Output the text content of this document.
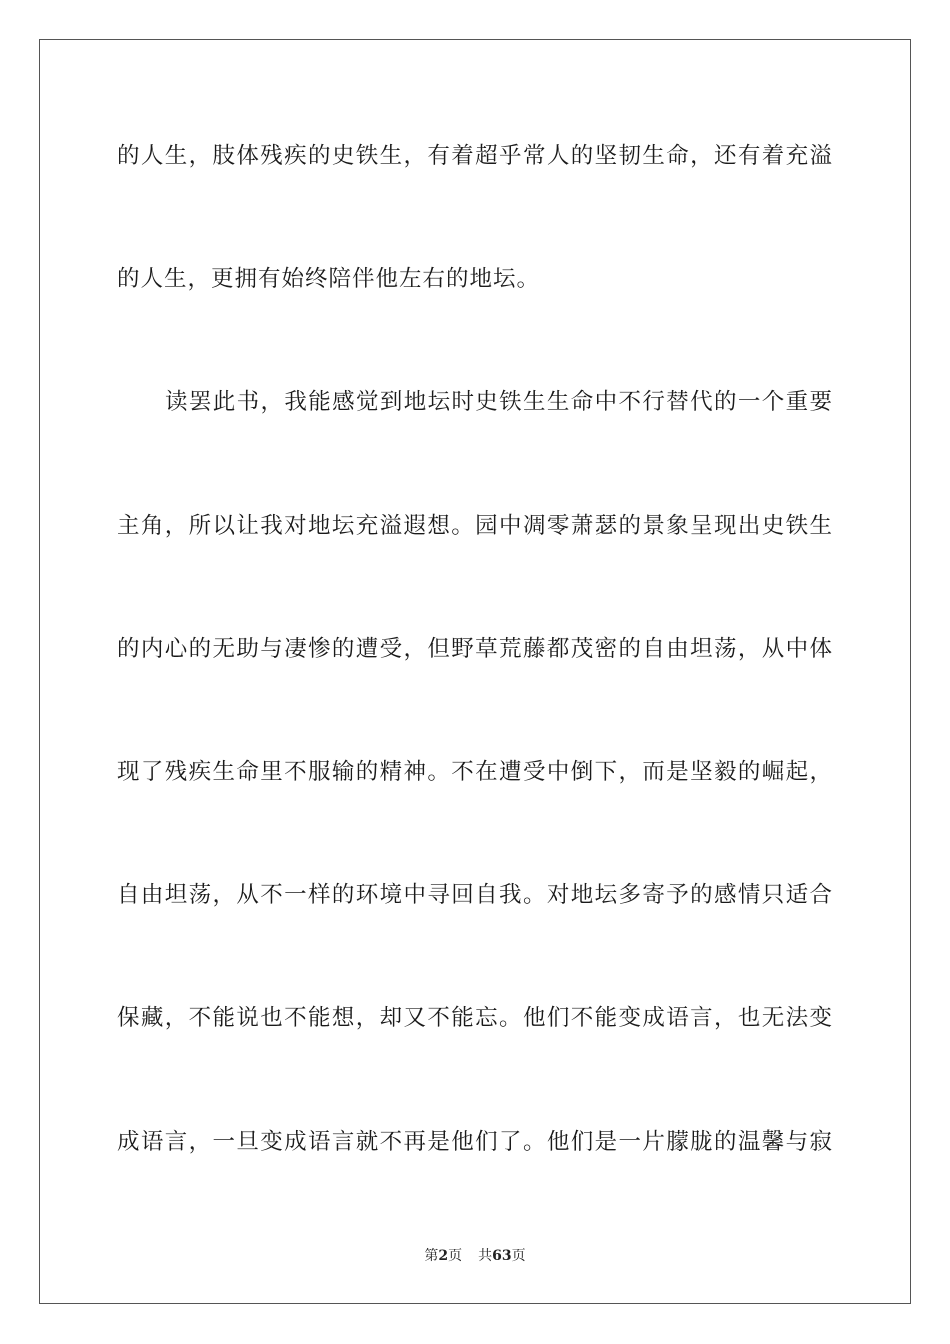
的人生，肢体残疾的史铁生，有着超乎常人的坚韧生命，还有着充溢
的人生，更拥有始终陪伴他左右的地坛。
读罢此书，我能感觉到地坛时史铁生生命中不行替代的一个重要
主角，所以让我对地坛充溢遐想。园中凋零萧瑟的景象呈现出史铁生
的内心的无助与凄惨的遭受，但野草荒藤都茂密的自由坦荡，从中体
现了残疾生命里不服输的精神。不在遭受中倒下，而是坚毅的崛起，
自由坦荡，从不一样的环境中寻回自我。对地坛多寄予的感情只适合
保藏，不能说也不能想，却又不能忘。他们不能变成语言，也无法变
成语言，一旦变成语言就不再是他们了。他们是一片朦胧的温馨与寂
第2页 共63页
